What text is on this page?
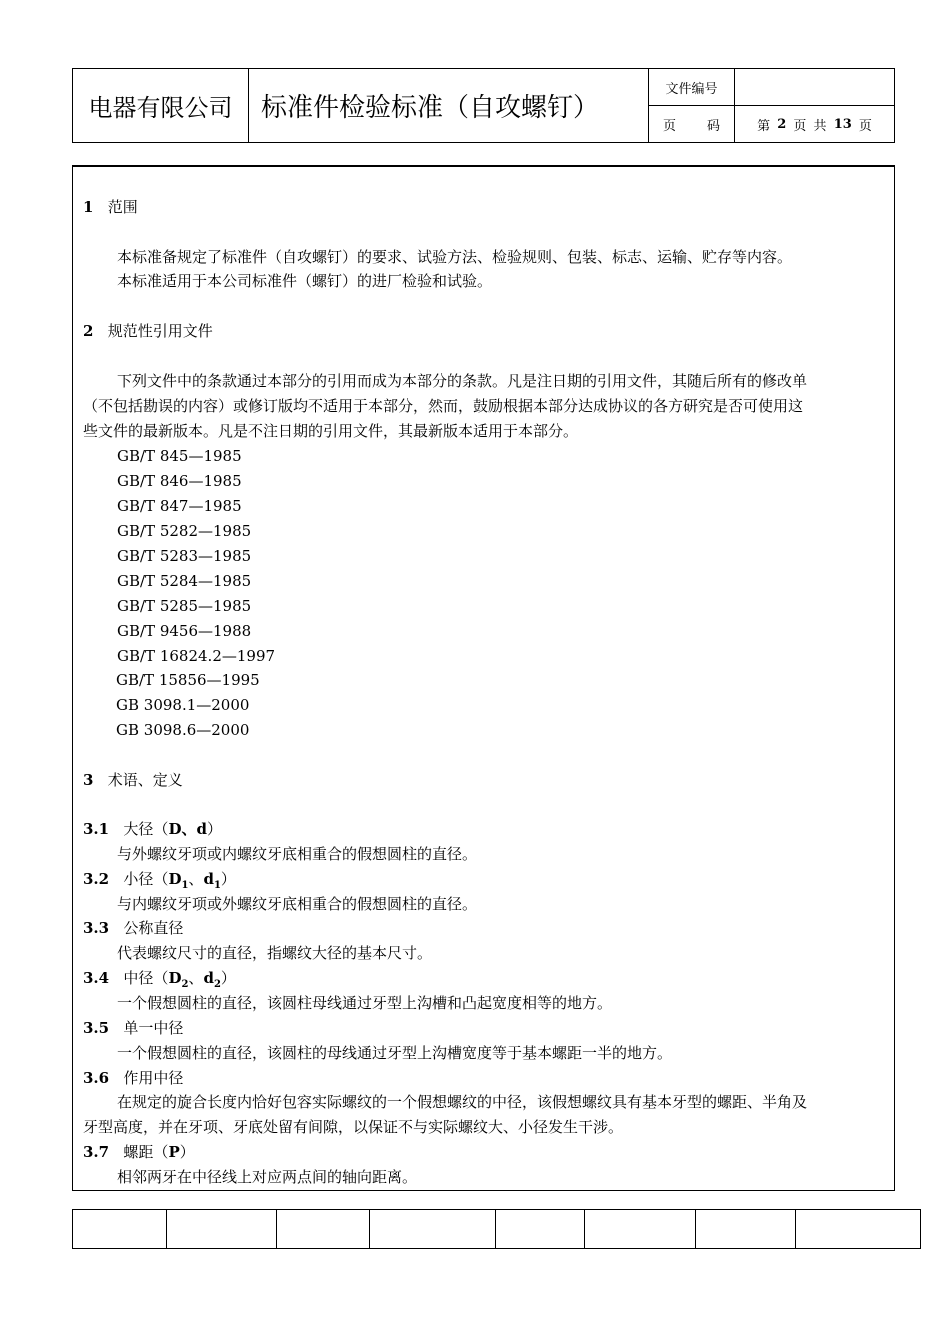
电器有限公司	标准件检验标准（自攻螺钉）
文件编号
页 码	第
2
页 共
13
页
1 范围
本标准备规定了标准件（自攻螺钉）的要求、试验方法、检验规则、包装、标志、运输、贮存等内容。
本标准适用于本公司标准件（螺钉）的进厂检验和试验。
2 规范性引用文件
下列文件中的条款通过本部分的引用而成为本部分的条款。凡是注日期的引用文件，其随后所有的修改单
（不包括勘误的内容）或修订版均不适用于本部分，然而，鼓励根据本部分达成协议的各方研究是否可使用这
些文件的最新版本。凡是不注日期的引用文件，其最新版本适用于本部分。
GB/T 845—1985
GB/T 846—1985
GB/T 847—1985
GB/T 5282—1985
GB/T 5283—1985
GB/T 5284—1985
GB/T 5285—1985
GB/T 9456—1988
GB/T 16824.2—1997
GB/T 15856—1995
GB 3098.1—2000
GB 3098.6—2000
3 术语、定义
3.1 大径（D、d）
与外螺纹牙项或内螺纹牙底相重合的假想圆柱的直径。
3.2 小径（$D_1$、$d_1$）
与内螺纹牙项或外螺纹牙底相重合的假想圆柱的直径。
3.3 公称直径
代表螺纹尺寸的直径，指螺纹大径的基本尺寸。
3.4 中径（$D_2$、$d_2$）
一个假想圆柱的直径，该圆柱母线通过牙型上沟槽和凸起宽度相等的地方。
3.5 单一中径
一个假想圆柱的直径，该圆柱的母线通过牙型上沟槽宽度等于基本螺距一半的地方。
3.6 作用中径
在规定的旋合长度内恰好包容实际螺纹的一个假想螺纹的中径，该假想螺纹具有基本牙型的螺距、半角及
牙型高度，并在牙项、牙底处留有间隙，以保证不与实际螺纹大、小径发生干涉。
3.7 螺距（P）
相邻两牙在中径线上对应两点间的轴向距离。
